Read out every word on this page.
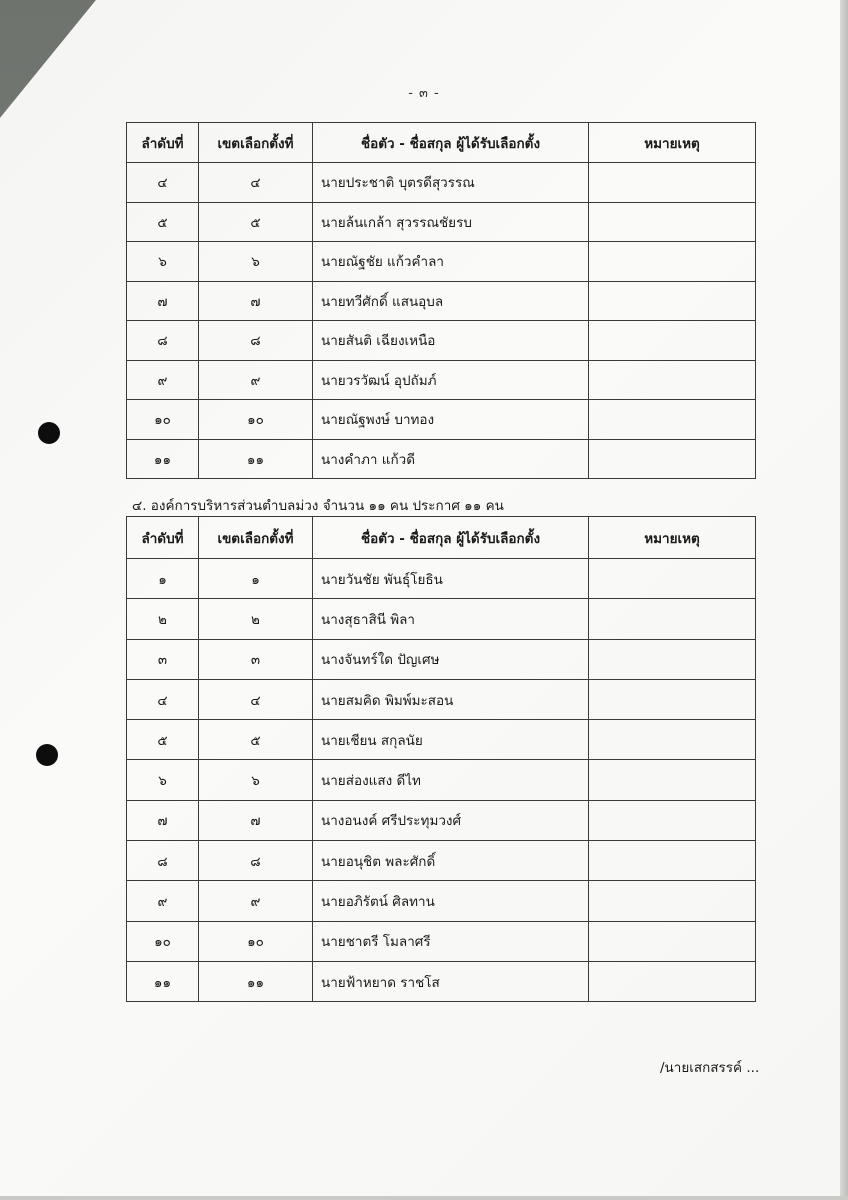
- ๓ -
ลำดับที่	เขตเลือกตั้งที่	ชื่อตัว - ชื่อสกุล ผู้ได้รับเลือกตั้ง	หมายเหตุ
๔	๔	นายประชาติ บุตรดีสุวรรณ	
๕	๕	นายล้นเกล้า สุวรรณชัยรบ	
๖	๖	นายณัฐชัย แก้วคำลา	
๗	๗	นายทวีศักดิ์ แสนอุบล	
๘	๘	นายสันติ เฉียงเหนือ	
๙	๙	นายวรวัฒน์ อุปถัมภ์	
๑๐	๑๐	นายณัฐพงษ์ บาทอง	
๑๑	๑๑	นางคำภา แก้วดี	
๔. องค์การบริหารส่วนตำบลม่วง จำนวน ๑๑ คน ประกาศ ๑๑ คน
ลำดับที่	เขตเลือกตั้งที่	ชื่อตัว - ชื่อสกุล ผู้ได้รับเลือกตั้ง	หมายเหตุ
๑	๑	นายวันชัย พันธุ์โยธิน	
๒	๒	นางสุธาสินี พิลา	
๓	๓	นางจันทร์ใด ปัญเศษ	
๔	๔	นายสมคิด พิมพ์มะสอน	
๕	๕	นายเชียน สกุลนัย	
๖	๖	นายส่องแสง ดีไท	
๗	๗	นางอนงค์ ศรีประทุมวงศ์	
๘	๘	นายอนุชิต พละศักดิ์	
๙	๙	นายอภิรัตน์ ศิลทาน	
๑๐	๑๐	นายชาตรี โมลาศรี	
๑๑	๑๑	นายฟ้าหยาด ราชโส	
/นายเสกสรรค์ ...
